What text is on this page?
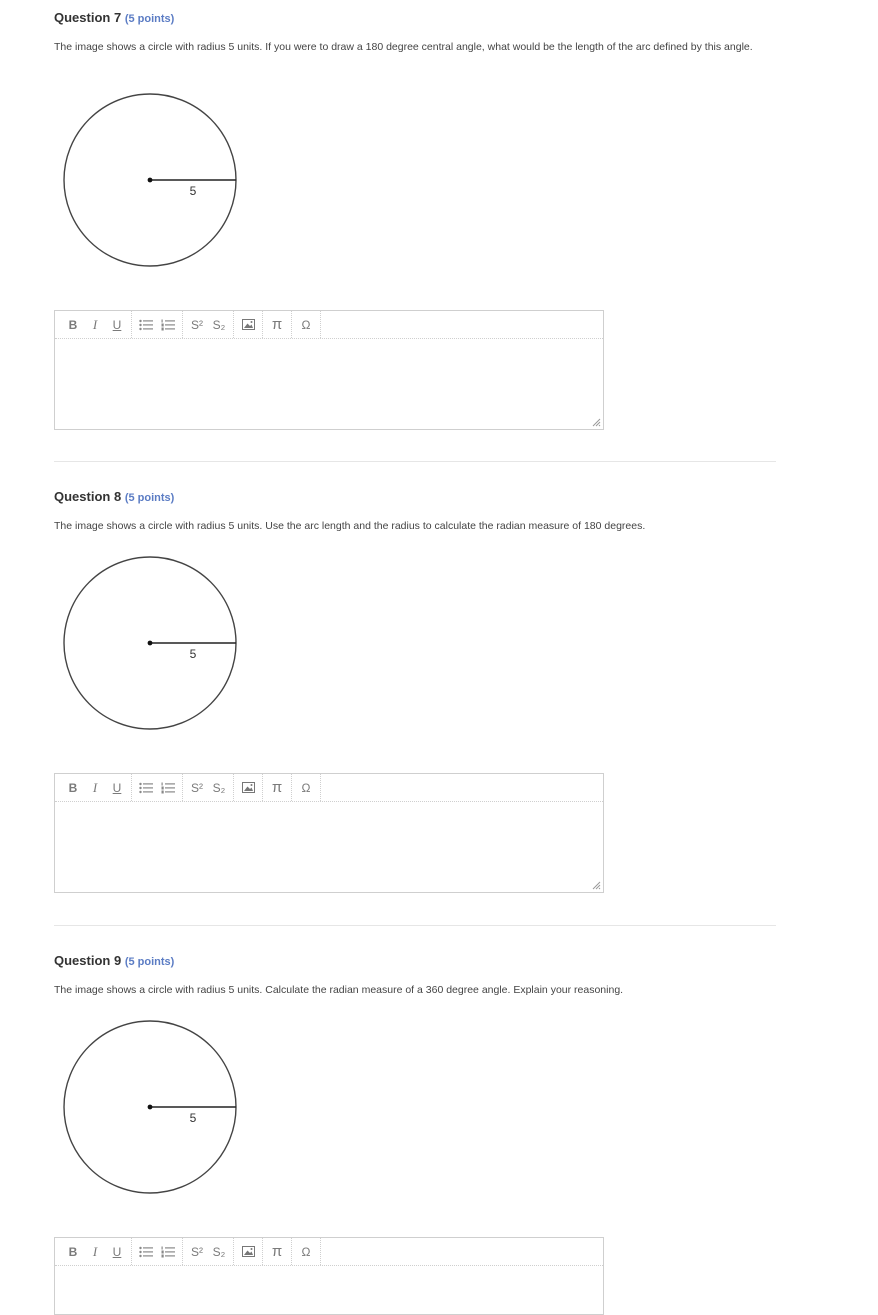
Question 7 (5 points)
The image shows a circle with radius 5 units. If you were to draw a 180 degree central angle, what would be the length of the arc defined by this angle.
5
B	I	U	S² S₂	π	Ω
Question 8 (5 points)
The image shows a circle with radius 5 units. Use the arc length and the radius to calculate the radian measure of 180 degrees.
5
B	I	U	S² S₂	π	Ω
Question 9 (5 points)
The image shows a circle with radius 5 units. Calculate the radian measure of a 360 degree angle. Explain your reasoning.
5
B	I	U	S² S₂	π	Ω
